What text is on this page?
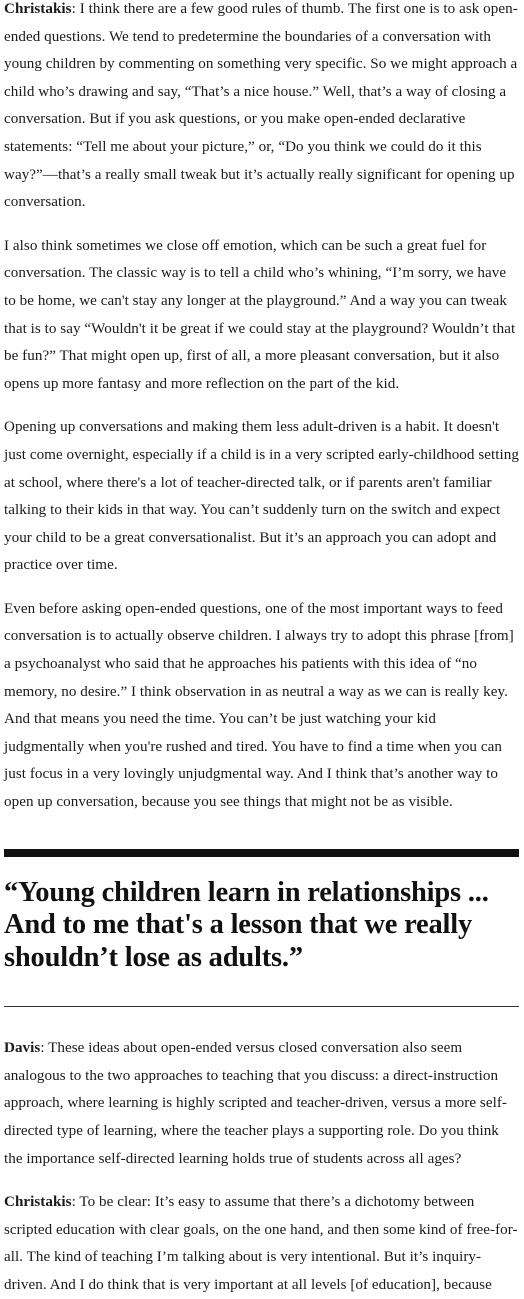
Christakis: I think there are a few good rules of thumb. The first one is to ask open-ended questions. We tend to predetermine the boundaries of a conversation with young children by commenting on something very specific. So we might approach a child who’s drawing and say, “That’s a nice house.” Well, that’s a way of closing a conversation. But if you ask questions, or you make open-ended declarative statements: “Tell me about your picture,” or, “Do you think we could do it this way?”—that’s a really small tweak but it’s actually really significant for opening up conversation.

I also think sometimes we close off emotion, which can be such a great fuel for conversation. The classic way is to tell a child who’s whining, “I’m sorry, we have to be home, we can't stay any longer at the playground.” And a way you can tweak that is to say “Wouldn't it be great if we could stay at the playground? Wouldn’t that be fun?” That might open up, first of all, a more pleasant conversation, but it also opens up more fantasy and more reflection on the part of the kid.

Opening up conversations and making them less adult-driven is a habit. It doesn't just come overnight, especially if a child is in a very scripted early-childhood setting at school, where there's a lot of teacher-directed talk, or if parents aren't familiar talking to their kids in that way. You can’t suddenly turn on the switch and expect your child to be a great conversationalist. But it’s an approach you can adopt and practice over time.

Even before asking open-ended questions, one of the most important ways to feed conversation is to actually observe children. I always try to adopt this phrase [from] a psychoanalyst who said that he approaches his patients with this idea of “no memory, no desire.” I think observation in as neutral a way as we can is really key. And that means you need the time. You can’t be just watching your kid judgmentally when you're rushed and tired. You have to find a time when you can just focus in a very lovingly unjudgmental way. And I think that’s another way to open up conversation, because you see things that might not be as visible.

“Young children learn in relationships ... And to me that's a lesson that we really shouldn’t lose as adults.”

Davis: These ideas about open-ended versus closed conversation also seem analogous to the two approaches to teaching that you discuss: a direct-instruction approach, where learning is highly scripted and teacher-driven, versus a more self-directed type of learning, where the teacher plays a supporting role. Do you think the importance self-directed learning holds true of students across all ages?

Christakis: To be clear: It’s easy to assume that there’s a dichotomy between scripted education with clear goals, on the one hand, and then some kind of free-for-all. The kind of teaching I’m talking about is very intentional. But it’s inquiry-driven. And I do think that is very important at all levels [of education], because
